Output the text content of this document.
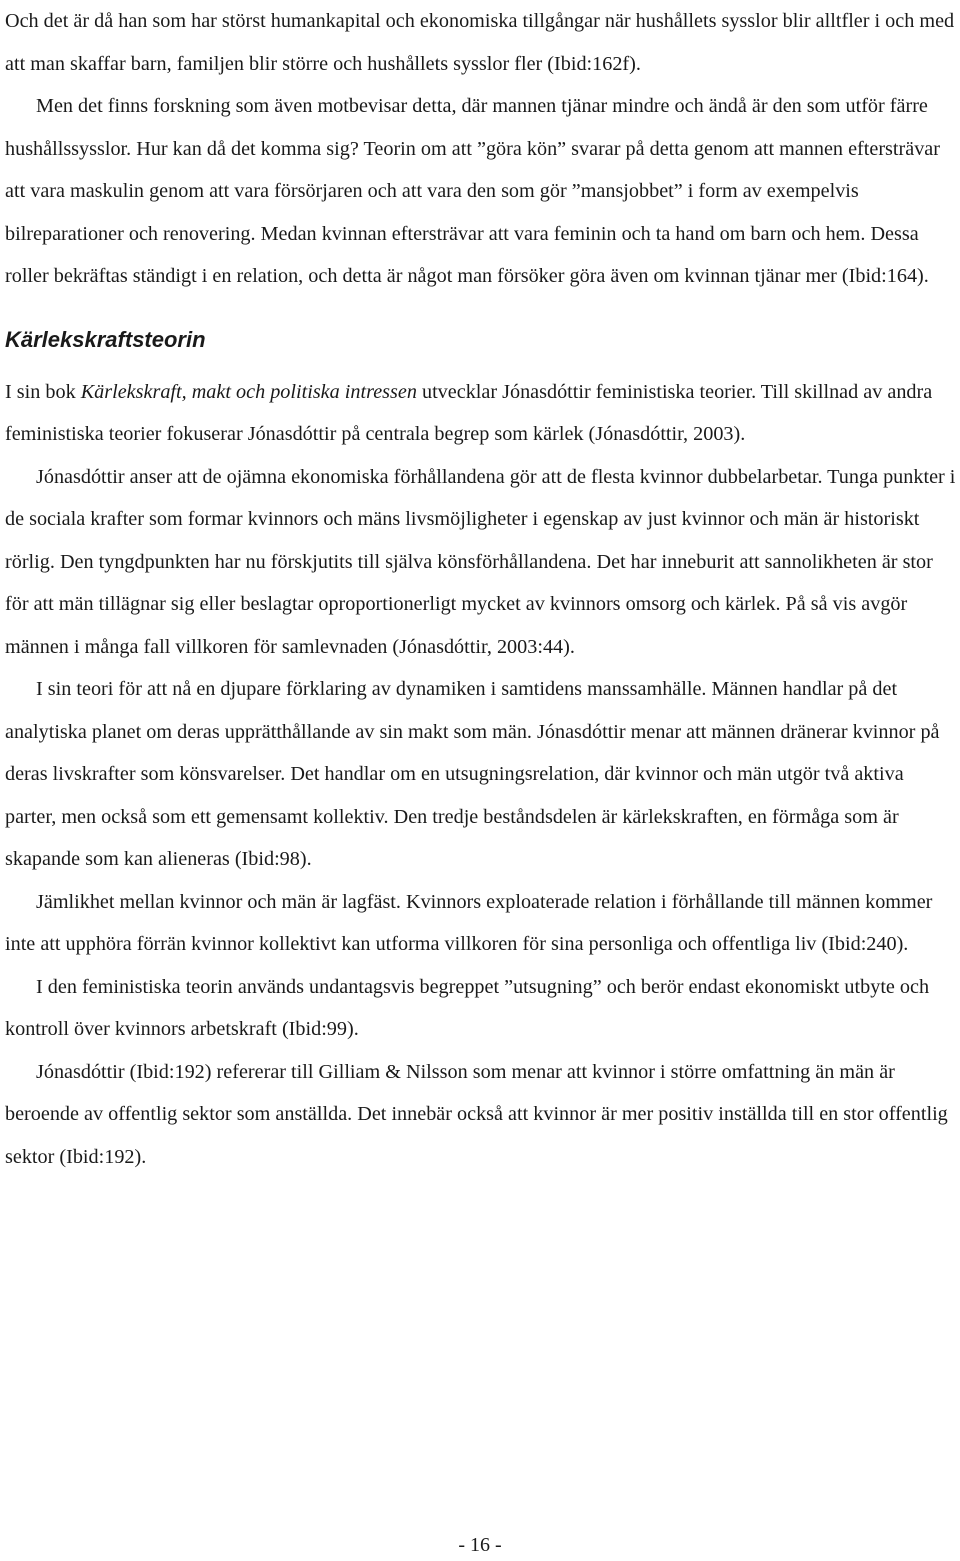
Och det är då han som har störst humankapital och ekonomiska tillgångar när hushållets sysslor blir alltfler i och med att man skaffar barn, familjen blir större och hushållets sysslor fler (Ibid:162f).

Men det finns forskning som även motbevisar detta, där mannen tjänar mindre och ändå är den som utför färre hushållssysslor. Hur kan då det komma sig? Teorin om att ”göra kön” svarar på detta genom att mannen eftersträvar att vara maskulin genom att vara försörjaren och att vara den som gör ”mansjobbet” i form av exempelvis bilreparationer och renovering. Medan kvinnan eftersträvar att vara feminin och ta hand om barn och hem. Dessa roller bekräftas ständigt i en relation, och detta är något man försöker göra även om kvinnan tjänar mer (Ibid:164).

Kärlekskraftsteorin

I sin bok Kärlekskraft, makt och politiska intressen utvecklar Jónasdóttir feministiska teorier. Till skillnad av andra feministiska teorier fokuserar Jónasdóttir på centrala begrep som kärlek (Jónasdóttir, 2003).

Jónasdóttir anser att de ojämna ekonomiska förhållandena gör att de flesta kvinnor dubbelarbetar. Tunga punkter i de sociala krafter som formar kvinnors och mäns livsmöjligheter i egenskap av just kvinnor och män är historiskt rörlig. Den tyngdpunkten har nu förskjutits till själva könsförhållandena. Det har inneburit att sannolikheten är stor för att män tillägnar sig eller beslagtar oproportionerligt mycket av kvinnors omsorg och kärlek. På så vis avgör männen i många fall villkoren för samlevnaden (Jónasdóttir, 2003:44).

I sin teori för att nå en djupare förklaring av dynamiken i samtidens manssamhälle. Männen handlar på det analytiska planet om deras upprätthållande av sin makt som män. Jónasdóttir menar att männen dränerar kvinnor på deras livskrafter som könsvarelser. Det handlar om en utsugningsrelation, där kvinnor och män utgör två aktiva parter, men också som ett gemensamt kollektiv. Den tredje beståndsdelen är kärlekskraften, en förmåga som är skapande som kan alieneras (Ibid:98).

Jämlikhet mellan kvinnor och män är lagfäst. Kvinnors exploaterade relation i förhållande till männen kommer inte att upphöra förrän kvinnor kollektivt kan utforma villkoren för sina personliga och offentliga liv (Ibid:240).

I den feministiska teorin används undantagsvis begreppet ”utsugning” och berör endast ekonomiskt utbyte och kontroll över kvinnors arbetskraft (Ibid:99).

Jónasdóttir (Ibid:192) refererar till Gilliam & Nilsson som menar att kvinnor i större omfattning än män är beroende av offentlig sektor som anställda. Det innebär också att kvinnor är mer positiv inställda till en stor offentlig sektor (Ibid:192).

- 16 -
